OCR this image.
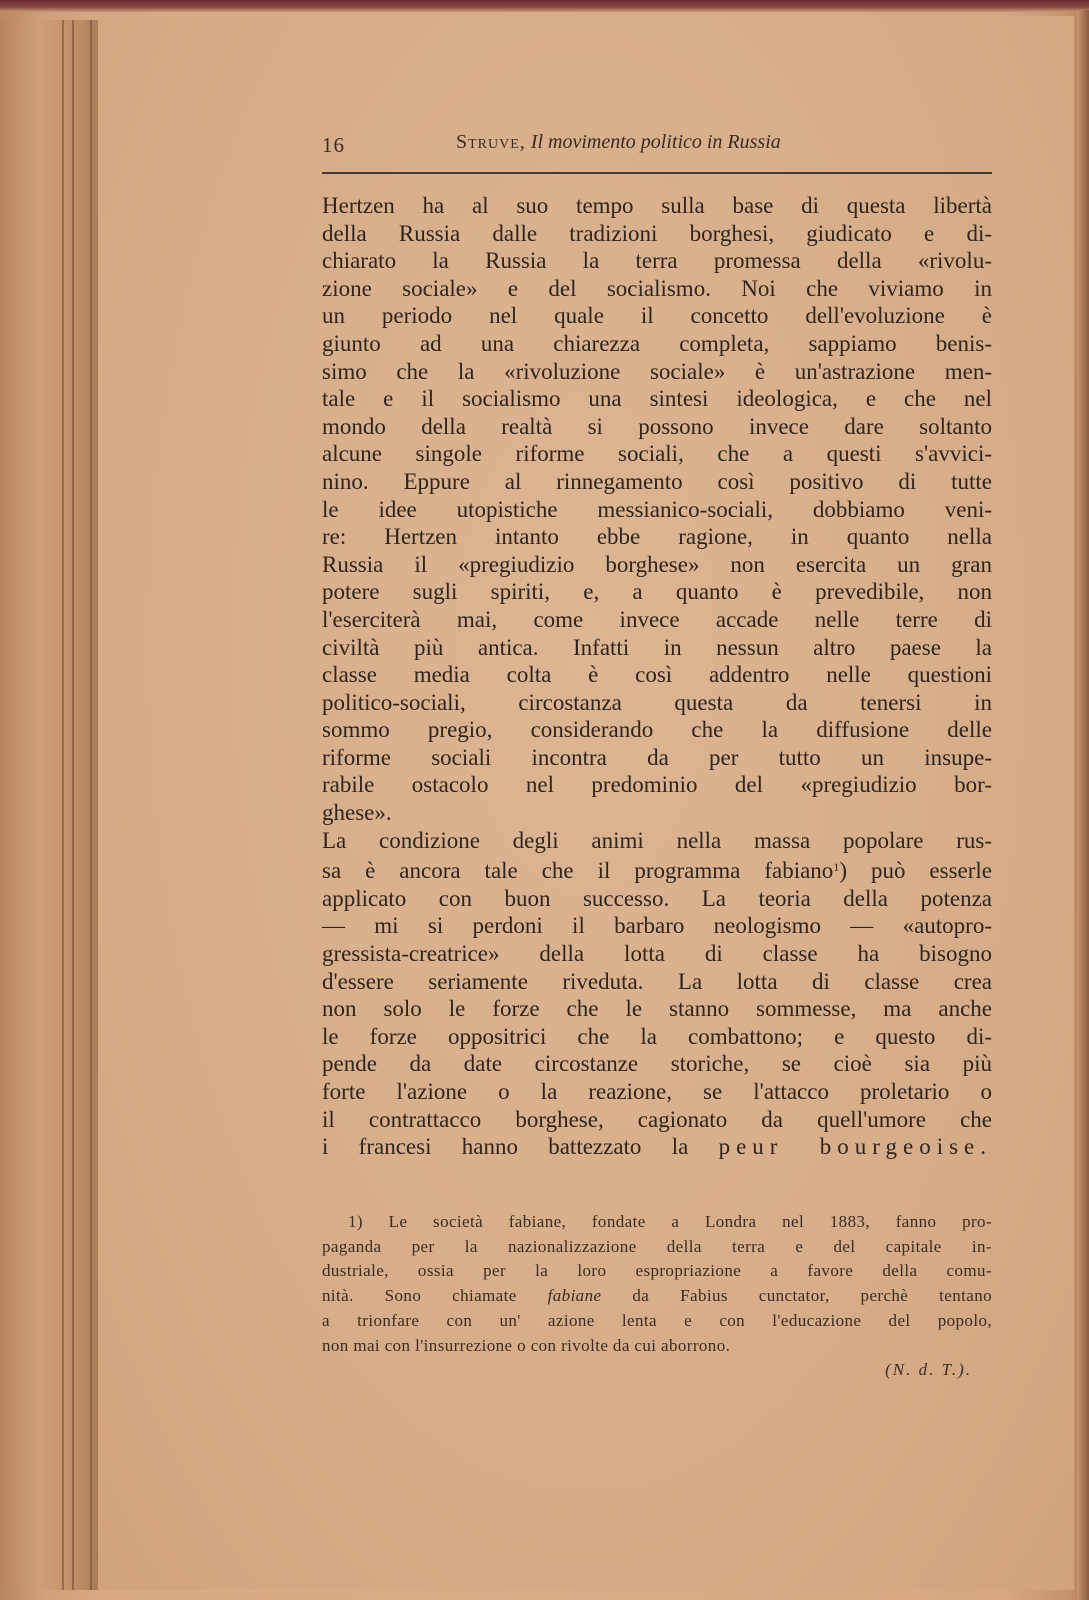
16	Struve, Il movimento politico in Russia
Hertzen ha al suo tempo sulla base di questa libertà
della Russia dalle tradizioni borghesi, giudicato e di-
chiarato la Russia la terra promessa della «rivolu-
zione sociale» e del socialismo. Noi che viviamo in
un periodo nel quale il concetto dell'evoluzione è
giunto ad una chiarezza completa, sappiamo benis-
simo che la «rivoluzione sociale» è un'astrazione men-
tale e il socialismo una sintesi ideologica, e che nel
mondo della realtà si possono invece dare soltanto
alcune singole riforme sociali, che a questi s'avvici-
nino. Eppure al rinnegamento così positivo di tutte
le idee utopistiche messianico-sociali, dobbiamo veni-
re: Hertzen intanto ebbe ragione, in quanto nella
Russia il «pregiudizio borghese» non esercita un gran
potere sugli spiriti, e, a quanto è prevedibile, non
l'eserciterà mai, come invece accade nelle terre di
civiltà più antica. Infatti in nessun altro paese la
classe media colta è così addentro nelle questioni
politico-sociali, circostanza questa da tenersi in
sommo pregio, considerando che la diffusione delle
riforme sociali incontra da per tutto un insupe-
rabile ostacolo nel predominio del «pregiudizio bor-
ghese».
La condizione degli animi nella massa popolare rus-
sa è ancora tale che il programma fabiano$^1$) può esserle
applicato con buon successo. La teoria della potenza
— mi si perdoni il barbaro neologismo — «autopro-
gressista-creatrice» della lotta di classe ha bisogno
d'essere seriamente riveduta. La lotta di classe crea
non solo le forze che le stanno sommesse, ma anche
le forze oppositrici che la combattono; e questo di-
pende da date circostanze storiche, se cioè sia più
forte l'azione o la reazione, se l'attacco proletario o
il contrattacco borghese, cagionato da quell'umore che
i francesi hanno battezzato la peur bourgeoise.
1) Le società fabiane, fondate a Londra nel 1883, fanno pro-
paganda per la nazionalizzazione della terra e del capitale in-
dustriale, ossia per la loro espropriazione a favore della comu-
nità. Sono chiamate fabiane da Fabius cunctator, perchè tentano
a trionfare con un' azione lenta e con l'educazione del popolo,
non mai con l'insurrezione o con rivolte da cui aborrono.
(N. d. T.).
